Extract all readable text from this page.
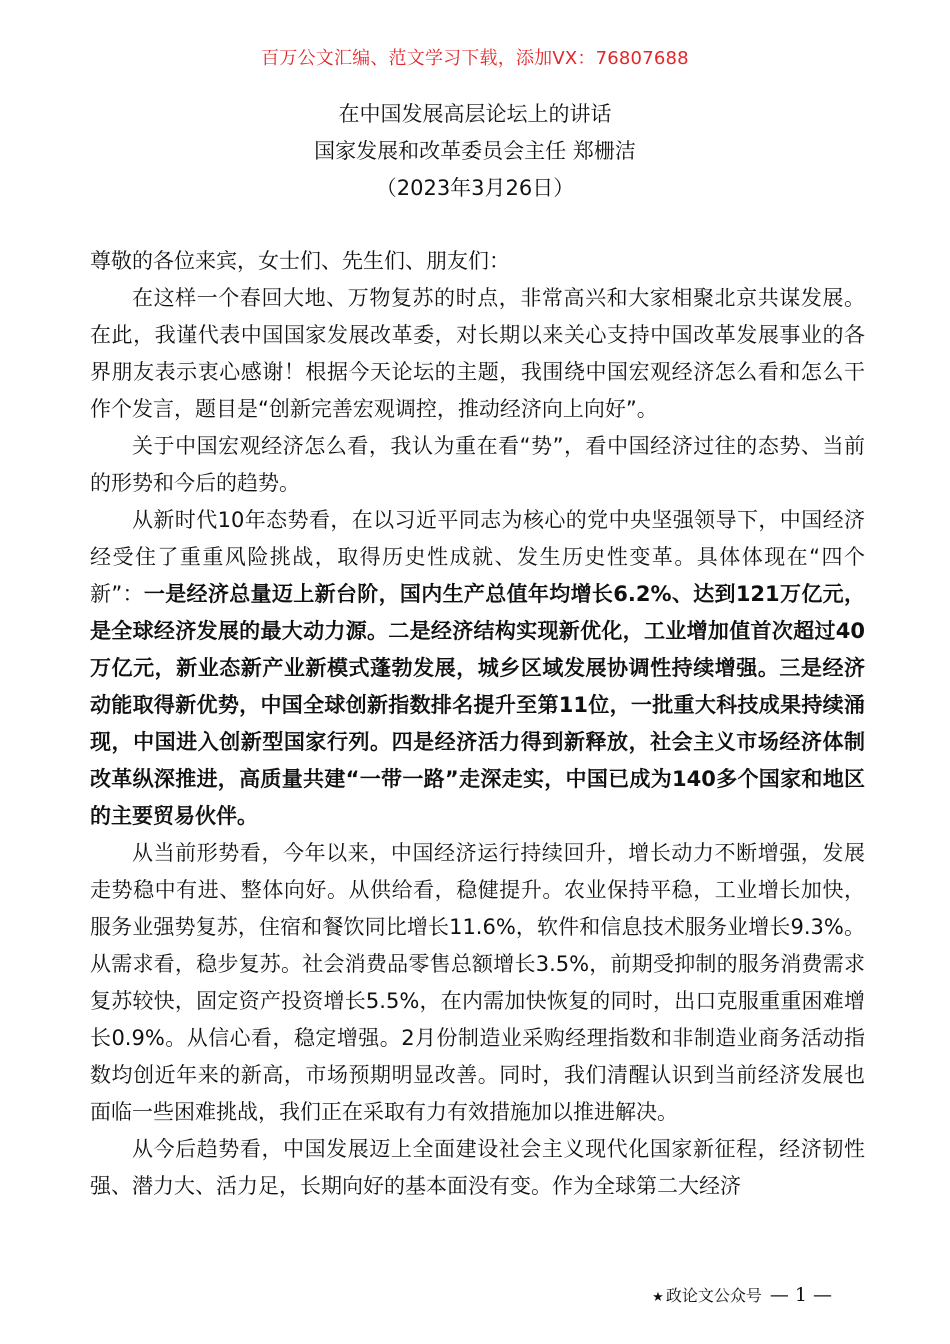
百万公文汇编、范文学习下载，添加VX：76807688
在中国发展高层论坛上的讲话
国家发展和改革委员会主任 郑栅洁
（2023年3月26日）

尊敬的各位来宾，女士们、先生们、朋友们：

在这样一个春回大地、万物复苏的时点，非常高兴和大家相聚北京共谋发展。在此，我谨代表中国国家发展改革委，对长期以来关心支持中国改革发展事业的各界朋友表示衷心感谢！根据今天论坛的主题，我围绕中国宏观经济怎么看和怎么干作个发言，题目是“创新完善宏观调控，推动经济向上向好”。

关于中国宏观经济怎么看，我认为重在看“势”，看中国经济过往的态势、当前的形势和今后的趋势。

从新时代10年态势看，在以习近平同志为核心的党中央坚强领导下，中国经济经受住了重重风险挑战，取得历史性成就、发生历史性变革。具体体现在“四个新”：一是经济总量迈上新台阶，国内生产总值年均增长6.2%、达到121万亿元，是全球经济发展的最大动力源。二是经济结构实现新优化，工业增加值首次超过40万亿元，新业态新产业新模式蓬勃发展，城乡区域发展协调性持续增强。三是经济动能取得新优势，中国全球创新指数排名提升至第11位，一批重大科技成果持续涌现，中国进入创新型国家行列。四是经济活力得到新释放，社会主义市场经济体制改革纵深推进，高质量共建“一带一路”走深走实，中国已成为140多个国家和地区的主要贸易伙伴。

从当前形势看，今年以来，中国经济运行持续回升，增长动力不断增强，发展走势稳中有进、整体向好。从供给看，稳健提升。农业保持平稳，工业增长加快，服务业强势复苏，住宿和餐饮同比增长11.6%，软件和信息技术服务业增长9.3%。从需求看，稳步复苏。社会消费品零售总额增长3.5%，前期受抑制的服务消费需求复苏较快，固定资产投资增长5.5%，在内需加快恢复的同时，出口克服重重困难增长0.9%。从信心看，稳定增强。2月份制造业采购经理指数和非制造业商务活动指数均创近年来的新高，市场预期明显改善。同时，我们清醒认识到当前经济发展也面临一些困难挑战，我们正在采取有力有效措施加以推进解决。

从今后趋势看，中国发展迈上全面建设社会主义现代化国家新征程，经济韧性强、潜力大、活力足，长期向好的基本面没有变。作为全球第二大经济

★ 政论文公众号 — 1 —
